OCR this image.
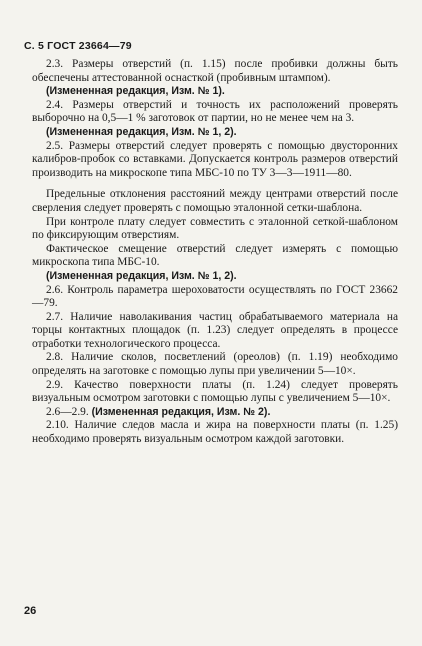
С. 5 ГОСТ 23664—79

2.3. Размеры отверстий (п. 1.15) после пробивки должны быть обеспечены аттестованной оснасткой (пробивным штампом).

(Измененная редакция, Изм. № 1).

2.4. Размеры отверстий и точность их расположений проверять выборочно на 0,5—1 % заготовок от партии, но не менее чем на 3.

(Измененная редакция, Изм. № 1, 2).

2.5. Размеры отверстий следует проверять с помощью двусторонних калибров-пробок со вставками. Допускается контроль размеров отверстий производить на микроскопе типа МБС-10 по ТУ 3—3—1911—80.

Предельные отклонения расстояний между центрами отверстий после сверления следует проверять с помощью эталонной сетки-шаблона.

При контроле плату следует совместить с эталонной сеткой-шаблоном по фиксирующим отверстиям.

Фактическое смещение отверстий следует измерять с помощью микроскопа типа МБС-10.

(Измененная редакция, Изм. № 1, 2).

2.6. Контроль параметра шероховатости осуществлять по ГОСТ 23662—79.

2.7. Наличие наволакивания частиц обрабатываемого материала на торцы контактных площадок (п. 1.23) следует определять в процессе отработки технологического процесса.

2.8. Наличие сколов, посветлений (ореолов) (п. 1.19) необходимо определять на заготовке с помощью лупы при увеличении 5—10×.

2.9. Качество поверхности платы (п. 1.24) следует проверять визуальным осмотром заготовки с помощью лупы с увеличением 5—10×.

2.6—2.9. (Измененная редакция, Изм. № 2).

2.10. Наличие следов масла и жира на поверхности платы (п. 1.25) необходимо проверять визуальным осмотром каждой заготовки.

26
